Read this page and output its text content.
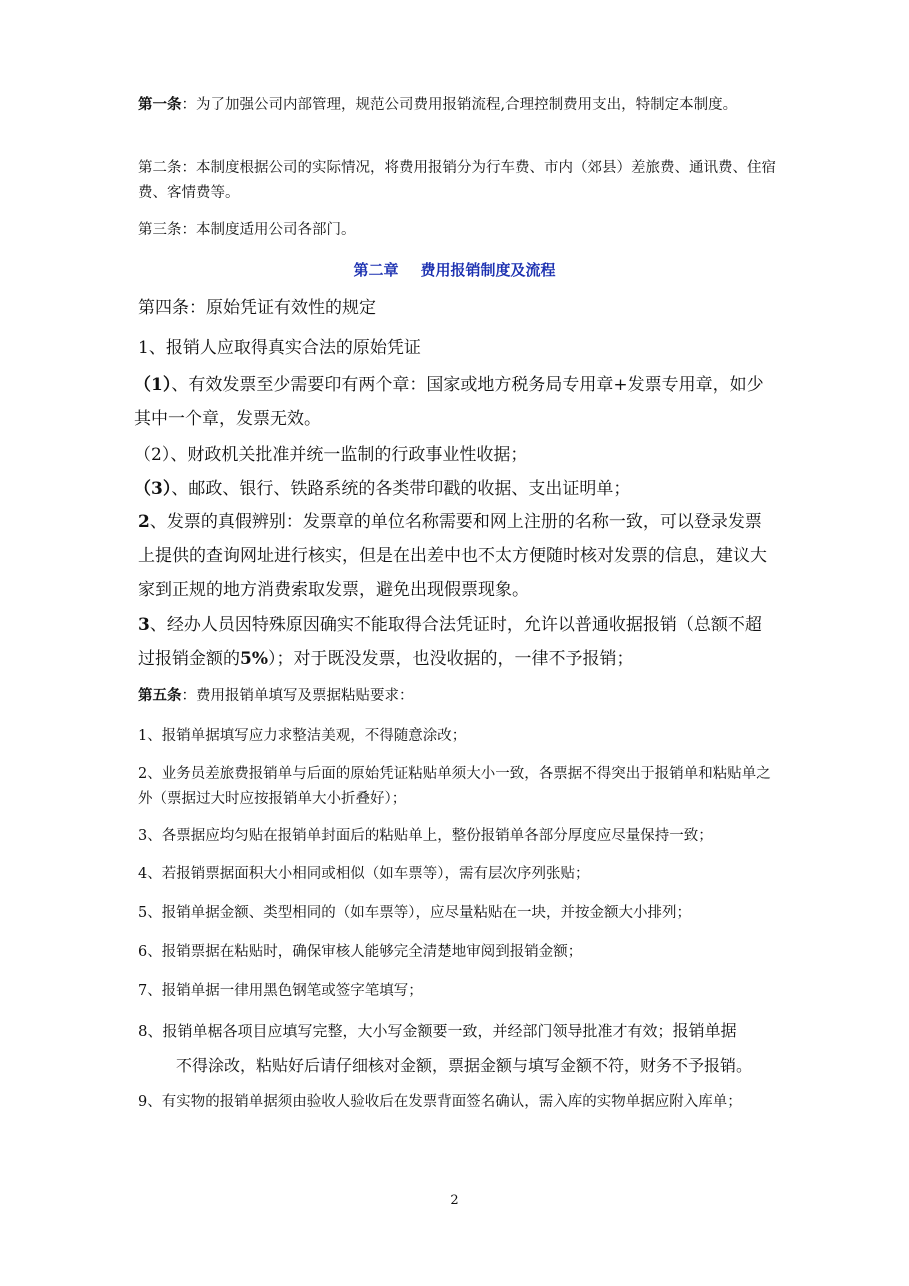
第一条：为了加强公司内部管理，规范公司费用报销流程,合理控制费用支出，特制定本制度。

第二条：本制度根据公司的实际情况，将费用报销分为行车费、市内（郊县）差旅费、通讯费、住宿费、客情费等。

第三条：本制度适用公司各部门。

第二章 费用报销制度及流程

第四条：原始凭证有效性的规定

1、报销人应取得真实合法的原始凭证

（1）、有效发票至少需要印有两个章：国家或地方税务局专用章+发票专用章，如少其中一个章，发票无效。

（2）、财政机关批准并统一监制的行政事业性收据；

（3）、邮政、银行、铁路系统的各类带印戳的收据、支出证明单；

2、发票的真假辨别：发票章的单位名称需要和网上注册的名称一致，可以登录发票上提供的查询网址进行核实，但是在出差中也不太方便随时核对发票的信息，建议大家到正规的地方消费索取发票，避免出现假票现象。

3、经办人员因特殊原因确实不能取得合法凭证时，允许以普通收据报销（总额不超过报销金额的5%）；对于既没发票，也没收据的，一律不予报销；

第五条：费用报销单填写及票据粘贴要求：

1、报销单据填写应力求整洁美观，不得随意涂改；

2、业务员差旅费报销单与后面的原始凭证粘贴单须大小一致，各票据不得突出于报销单和粘贴单之外（票据过大时应按报销单大小折叠好）；

3、各票据应均匀贴在报销单封面后的粘贴单上，整份报销单各部分厚度应尽量保持一致；

4、若报销票据面积大小相同或相似（如车票等），需有层次序列张贴；

5、报销单据金额、类型相同的（如车票等），应尽量粘贴在一块，并按金额大小排列；

6、报销票据在粘贴时，确保审核人能够完全清楚地审阅到报销金额；

7、报销单据一律用黑色钢笔或签字笔填写；

8、报销单椐各项目应填写完整，大小写金额要一致，并经部门领导批准才有效；报销单据

不得涂改，粘贴好后请仔细核对金额，票据金额与填写金额不符，财务不予报销。

9、有实物的报销单据须由验收人验收后在发票背面签名确认，需入库的实物单据应附入库单；

2
